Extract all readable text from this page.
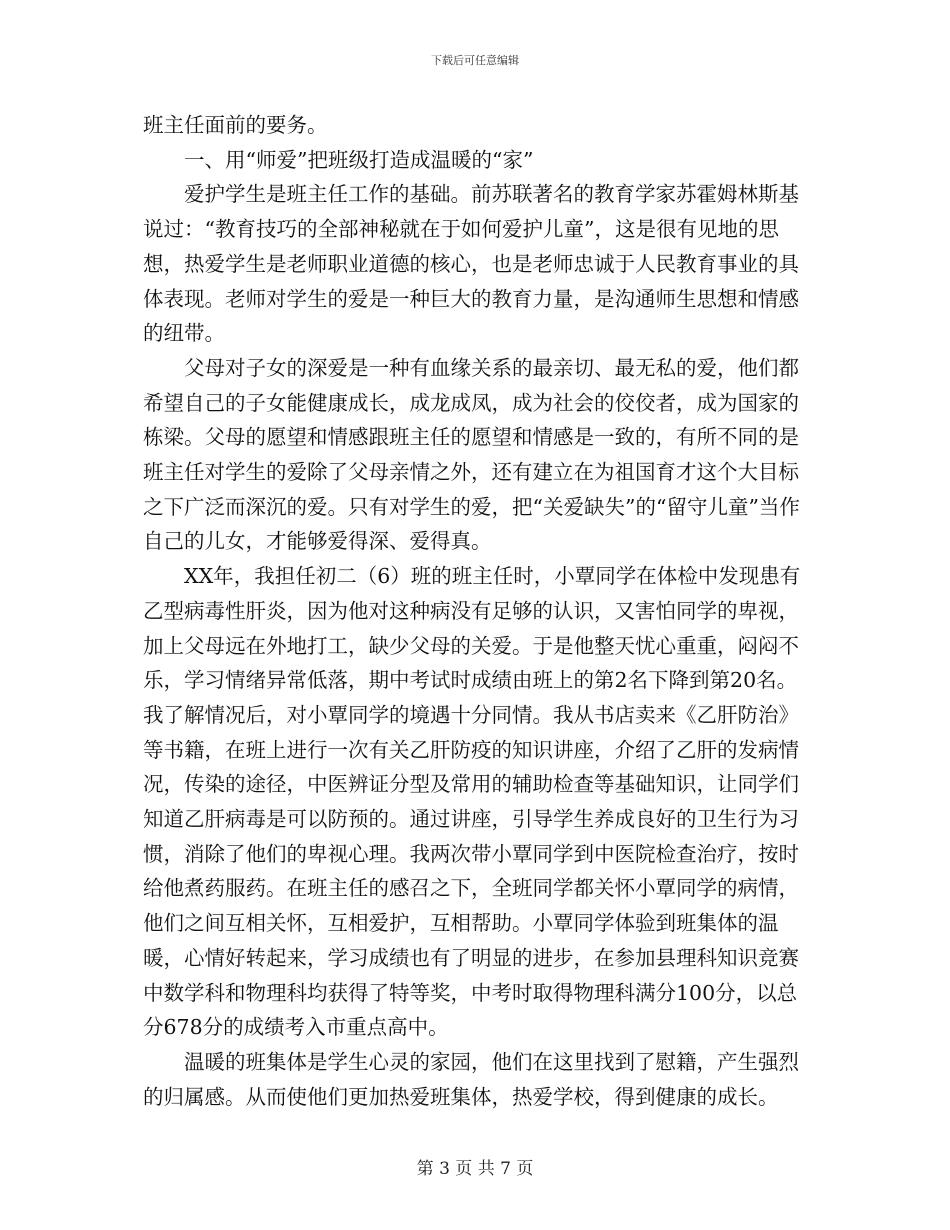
下载后可任意编辑

班主任面前的要务。

一、用“师爱”把班级打造成温暖的“家”

爱护学生是班主任工作的基础。前苏联著名的教育学家苏霍姆林斯基说过：“教育技巧的全部神秘就在于如何爱护儿童”，这是很有见地的思想，热爱学生是老师职业道德的核心，也是老师忠诚于人民教育事业的具体表现。老师对学生的爱是一种巨大的教育力量，是沟通师生思想和情感的纽带。

父母对子女的深爱是一种有血缘关系的最亲切、最无私的爱，他们都希望自己的子女能健康成长，成龙成凤，成为社会的佼佼者，成为国家的栋梁。父母的愿望和情感跟班主任的愿望和情感是一致的，有所不同的是班主任对学生的爱除了父母亲情之外，还有建立在为祖国育才这个大目标之下广泛而深沉的爱。只有对学生的爱，把“关爱缺失”的“留守儿童”当作自己的儿女，才能够爱得深、爱得真。

XX年，我担任初二（6）班的班主任时，小覃同学在体检中发现患有乙型病毒性肝炎，因为他对这种病没有足够的认识，又害怕同学的卑视，加上父母远在外地打工，缺少父母的关爱。于是他整天忧心重重，闷闷不乐，学习情绪异常低落，期中考试时成绩由班上的第2名下降到第20名。我了解情况后，对小覃同学的境遇十分同情。我从书店卖来《乙肝防治》等书籍，在班上进行一次有关乙肝防疫的知识讲座，介绍了乙肝的发病情况，传染的途径，中医辨证分型及常用的辅助检查等基础知识，让同学们知道乙肝病毒是可以防预的。通过讲座，引导学生养成良好的卫生行为习惯，消除了他们的卑视心理。我两次带小覃同学到中医院检查治疗，按时给他煮药服药。在班主任的感召之下，全班同学都关怀小覃同学的病情，他们之间互相关怀，互相爱护，互相帮助。小覃同学体验到班集体的温暖，心情好转起来，学习成绩也有了明显的进步，在参加县理科知识竞赛中数学科和物理科均获得了特等奖，中考时取得物理科满分100分，以总分678分的成绩考入市重点高中。

温暖的班集体是学生心灵的家园，他们在这里找到了慰籍，产生强烈的归属感。从而使他们更加热爱班集体，热爱学校，得到健康的成长。

第 3 页 共 7 页
